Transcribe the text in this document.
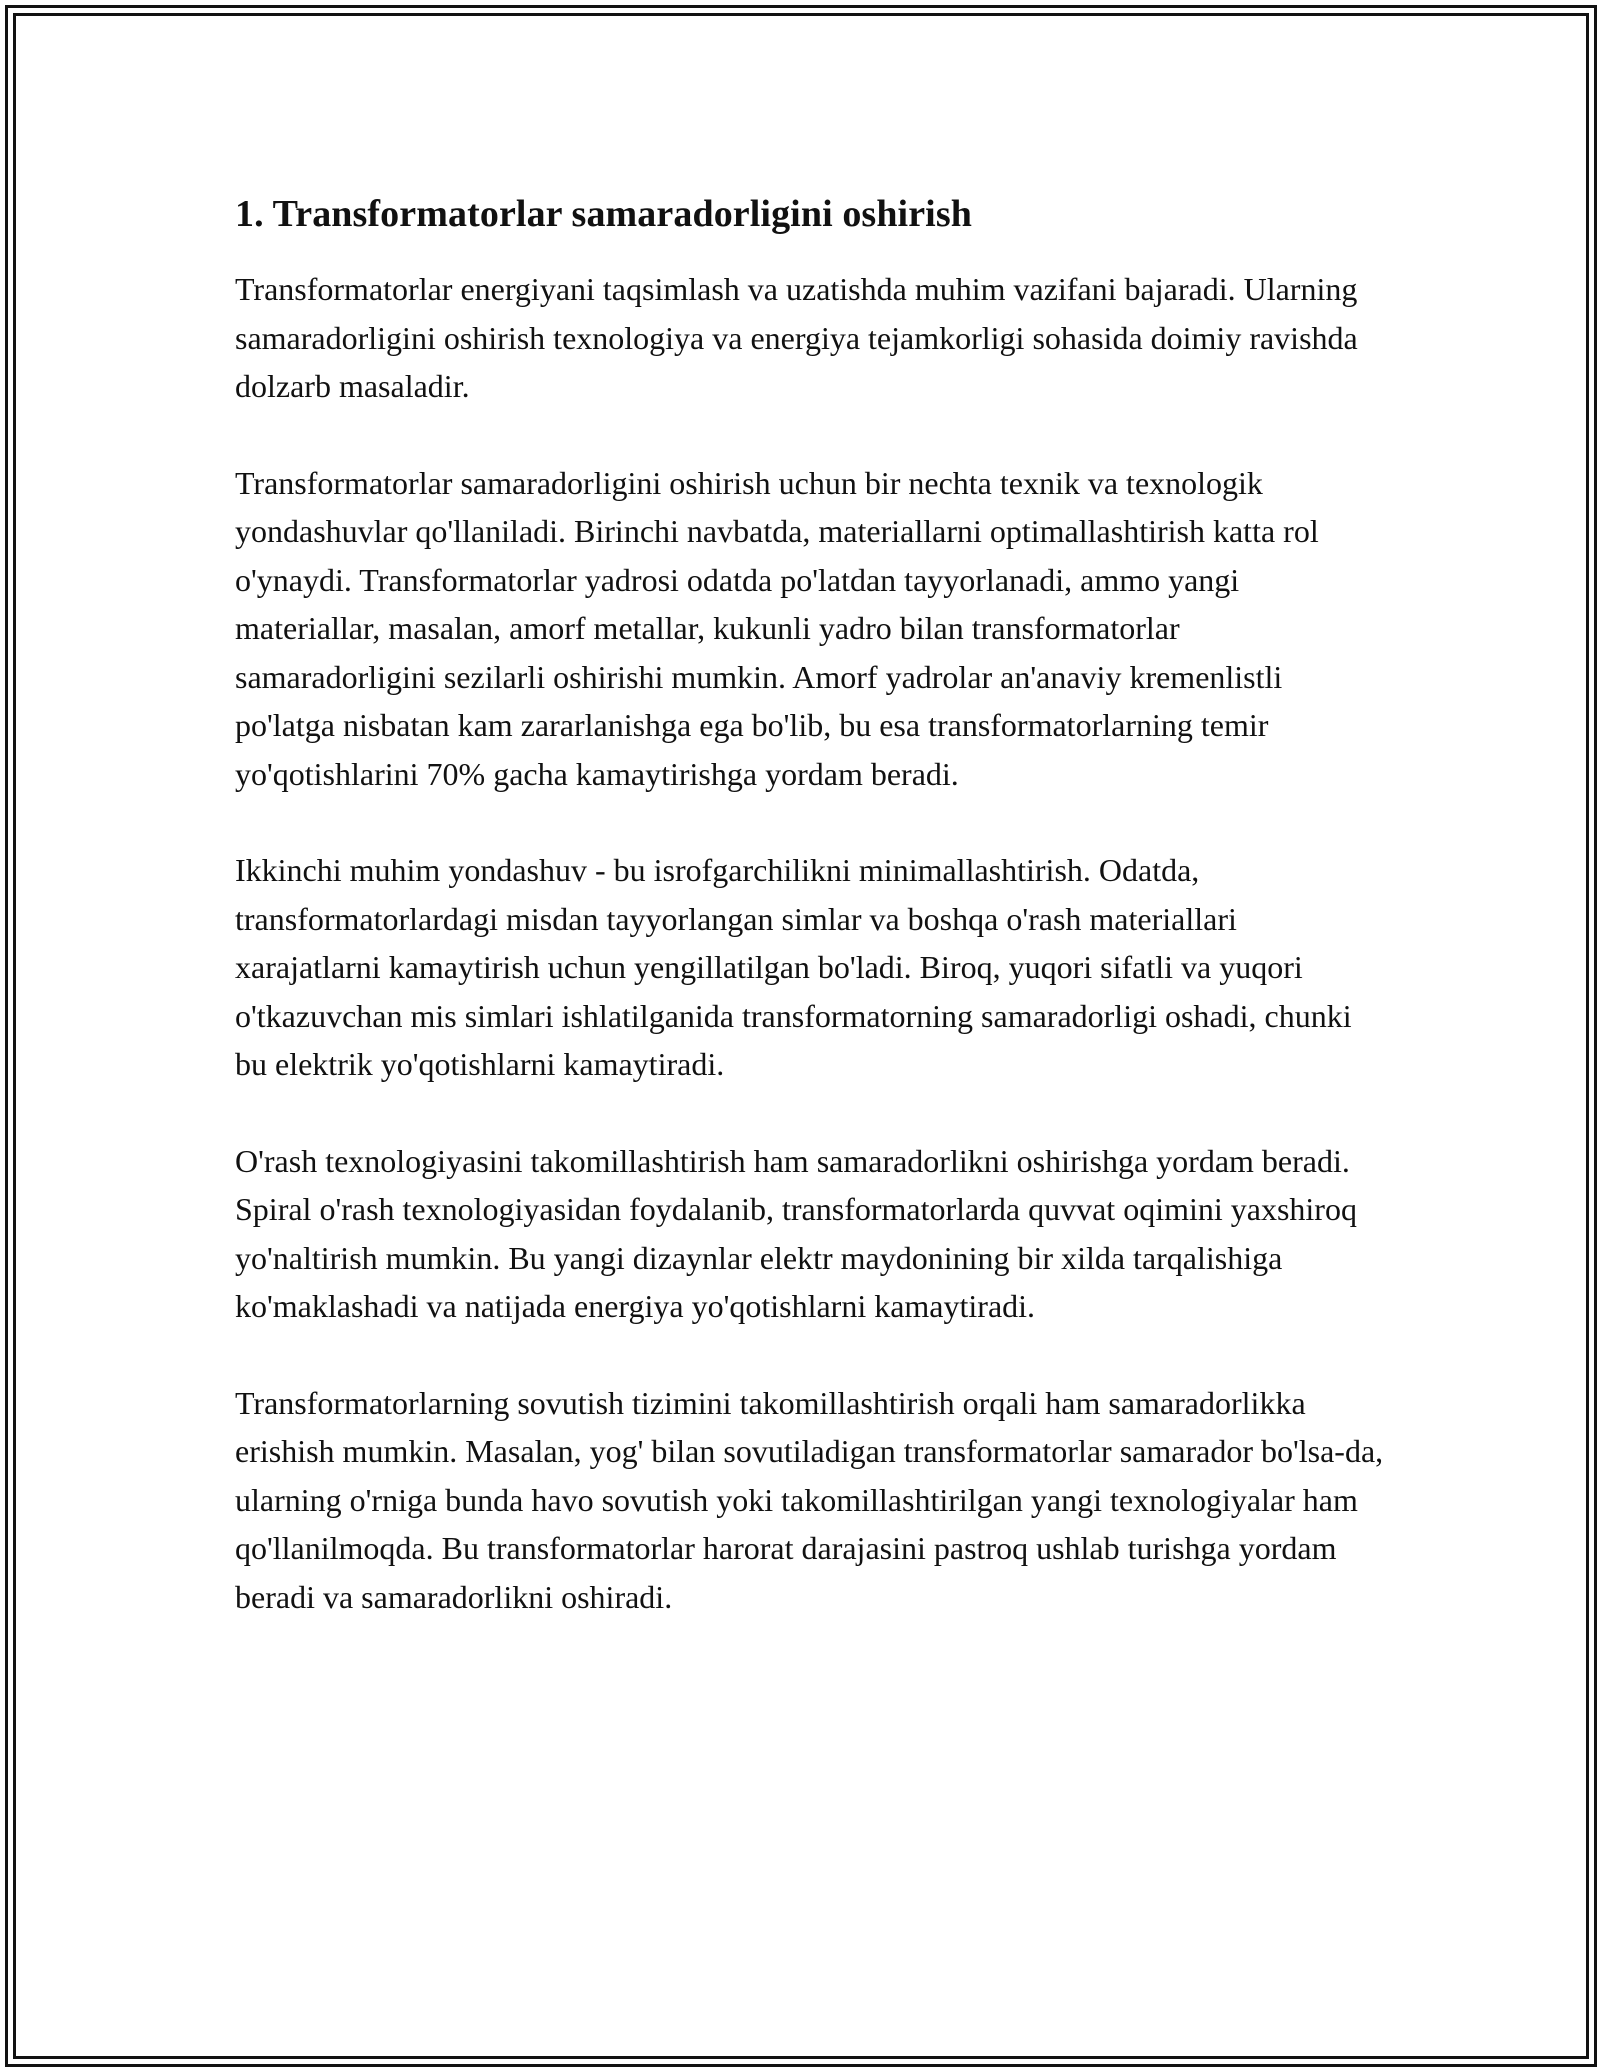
1. Transformatorlar samaradorligini oshirish

Transformatorlar energiyani taqsimlash va uzatishda muhim vazifani bajaradi. Ularning samaradorligini oshirish texnologiya va energiya tejamkorligi sohasida doimiy ravishda dolzarb masaladir.

Transformatorlar samaradorligini oshirish uchun bir nechta texnik va texnologik yondashuvlar qo'llaniladi. Birinchi navbatda, materiallarni optimallashtirish katta rol o'ynaydi. Transformatorlar yadrosi odatda po'latdan tayyorlanadi, ammo yangi materiallar, masalan, amorf metallar, kukunli yadro bilan transformatorlar samaradorligini sezilarli oshirishi mumkin. Amorf yadrolar an'anaviy kremenlistli po'latga nisbatan kam zararlanishga ega bo'lib, bu esa transformatorlarning temir yo'qotishlarini 70% gacha kamaytirishga yordam beradi.

Ikkinchi muhim yondashuv - bu isrofgarchilikni minimallashtirish. Odatda, transformatorlardagi misdan tayyorlangan simlar va boshqa o'rash materiallari xarajatlarni kamaytirish uchun yengillatilgan bo'ladi. Biroq, yuqori sifatli va yuqori o'tkazuvchan mis simlari ishlatilganida transformatorning samaradorligi oshadi, chunki bu elektrik yo'qotishlarni kamaytiradi.

O'rash texnologiyasini takomillashtirish ham samaradorlikni oshirishga yordam beradi. Spiral o'rash texnologiyasidan foydalanib, transformatorlarda quvvat oqimini yaxshiroq yo'naltirish mumkin. Bu yangi dizaynlar elektr maydonining bir xilda tarqalishiga ko'maklashadi va natijada energiya yo'qotishlarni kamaytiradi.

Transformatorlarning sovutish tizimini takomillashtirish orqali ham samaradorlikka erishish mumkin. Masalan, yog' bilan sovutiladigan transformatorlar samarador bo'lsa-da, ularning o'rniga bunda havo sovutish yoki takomillashtirilgan yangi texnologiyalar ham qo'llanilmoqda. Bu transformatorlar harorat darajasini pastroq ushlab turishga yordam beradi va samaradorlikni oshiradi.
